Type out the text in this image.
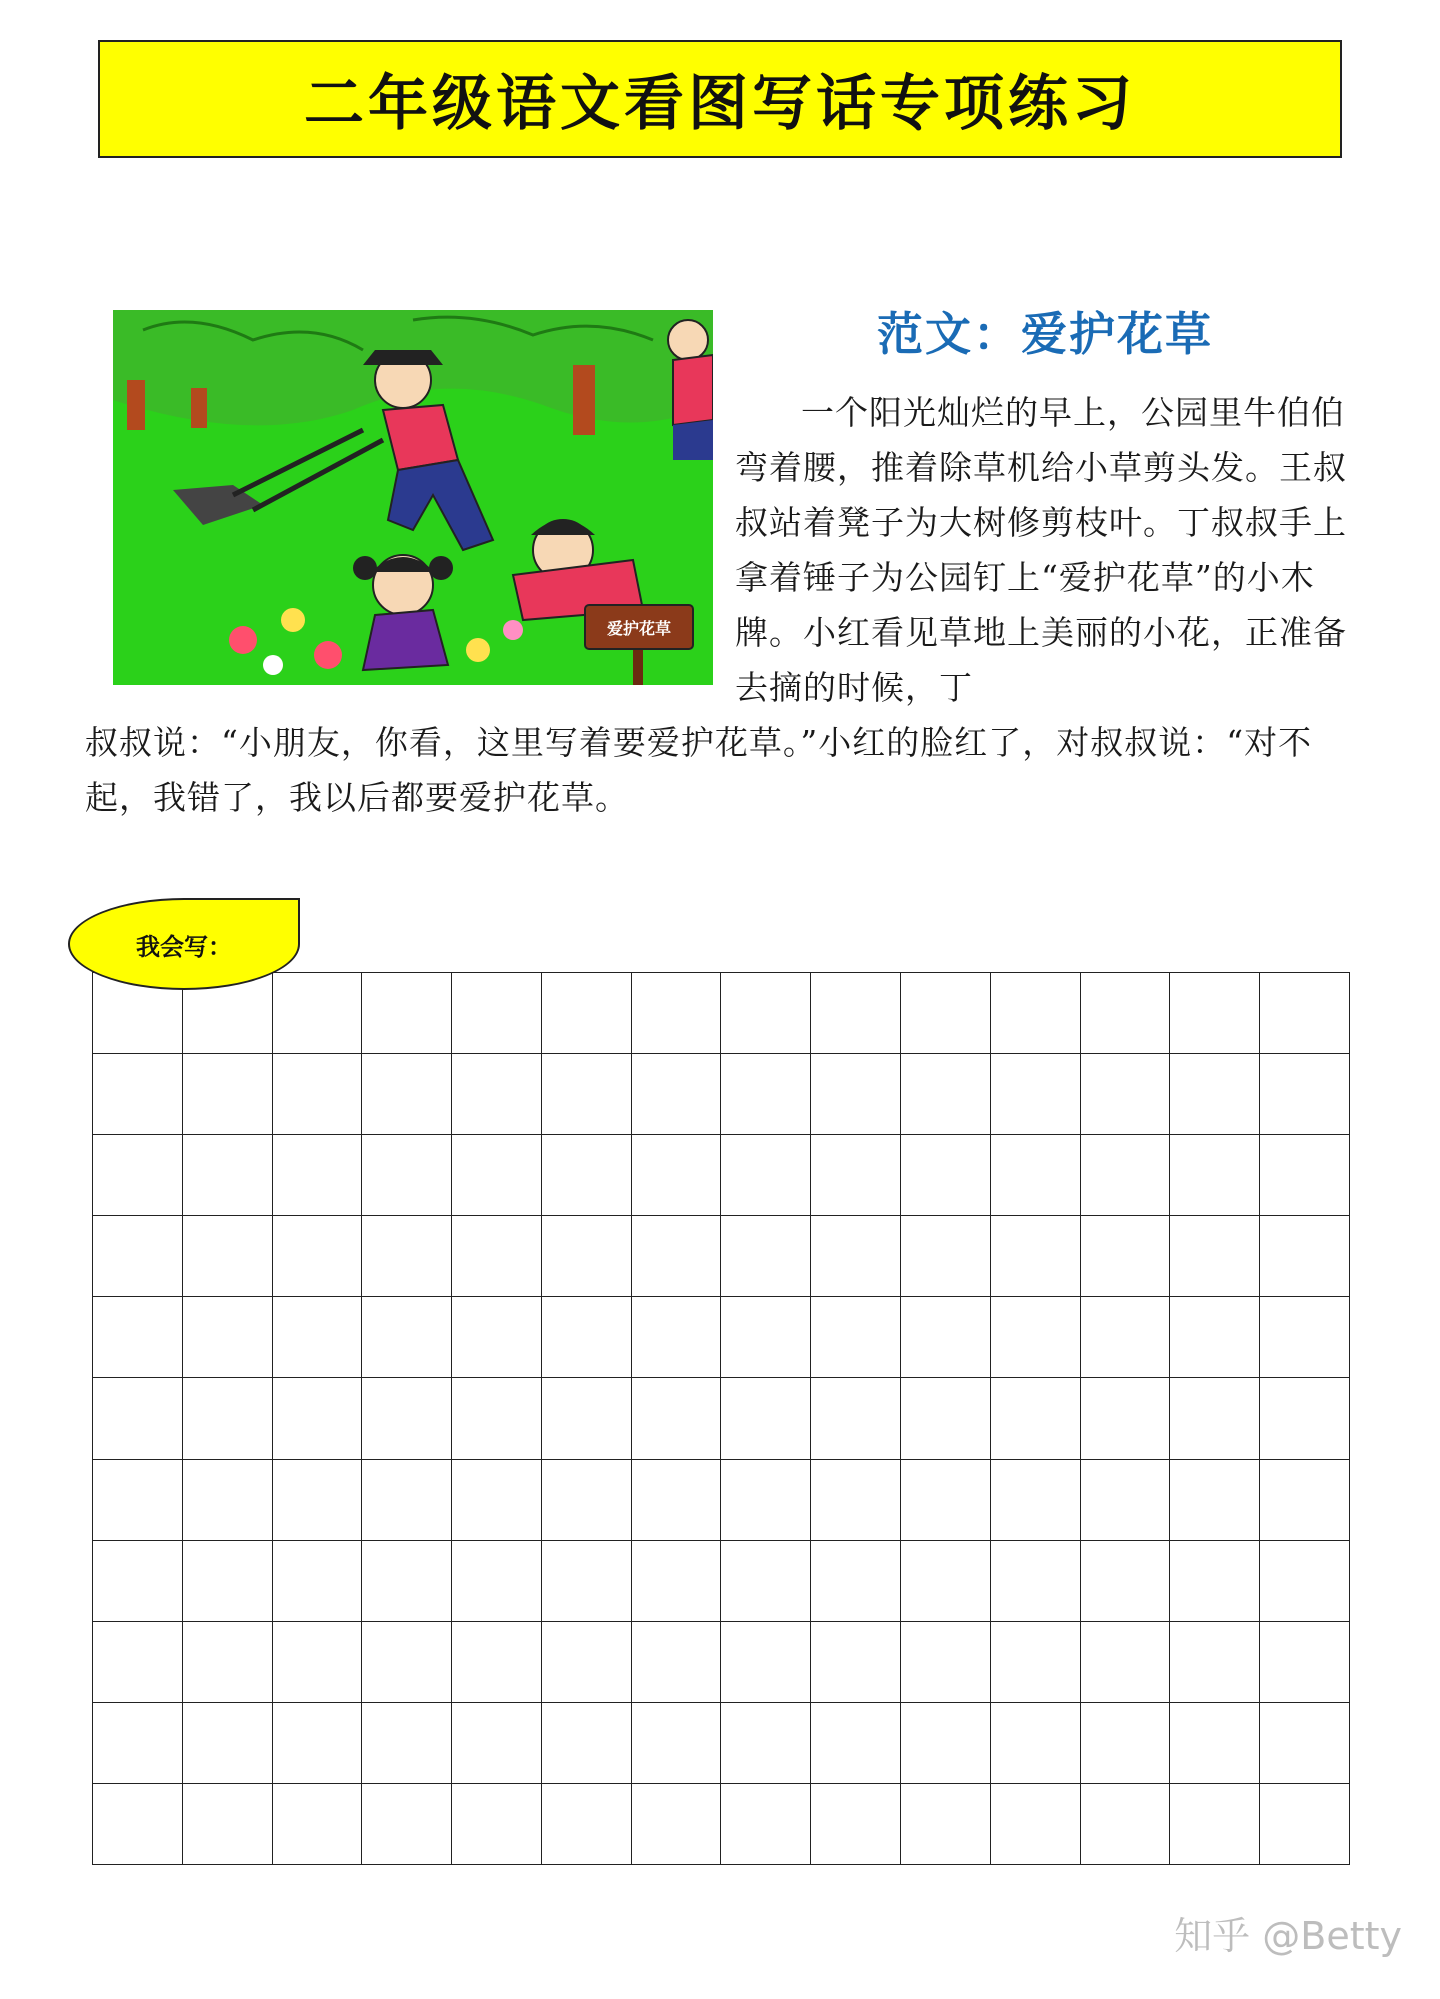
二年级语文看图写话专项练习
爱护花草
范文：爱护花草

一个阳光灿烂的早上，公园里牛伯伯弯着腰，推着除草机给小草剪头发。王叔叔站着凳子为大树修剪枝叶。丁叔叔手上拿着锤子为公园钉上“爱护花草”的小木牌。小红看见草地上美丽的小花，正准备去摘的时候，丁

叔叔说：“小朋友，你看，这里写着要爱护花草。”小红的脸红了，对叔叔说：“对不起，我错了，我以后都要爱护花草。

我会写：
知乎 @Betty
